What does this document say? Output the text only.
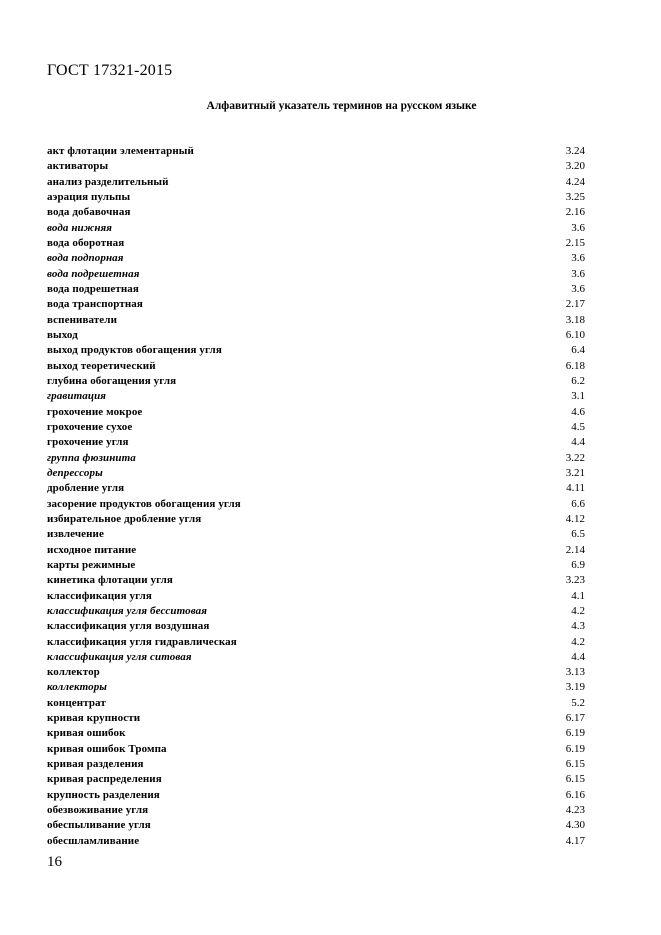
ГОСТ 17321-2015
Алфавитный указатель терминов на русском языке
акт флотации элементарный	3.24
активаторы	3.20
анализ разделительный	4.24
аэрация пульпы	3.25
вода добавочная	2.16
вода нижняя	3.6
вода оборотная	2.15
вода подпорная	3.6
вода подрешетная	3.6
вода подрешетная	3.6
вода транспортная	2.17
вспениватели	3.18
выход	6.10
выход продуктов обогащения угля	6.4
выход теоретический	6.18
глубина обогащения угля	6.2
гравитация	3.1
грохочение мокрое	4.6
грохочение сухое	4.5
грохочение угля	4.4
группа фюзинита	3.22
депрессоры	3.21
дробление угля	4.11
засорение продуктов обогащения угля	6.6
избирательное дробление угля	4.12
извлечение	6.5
исходное питание	2.14
карты режимные	6.9
кинетика флотации угля	3.23
классификация угля	4.1
классификация угля бесситовая	4.2
классификация угля воздушная	4.3
классификация угля гидравлическая	4.2
классификация угля ситовая	4.4
коллектор	3.13
коллекторы	3.19
концентрат	5.2
кривая крупности	6.17
кривая ошибок	6.19
кривая ошибок Тромпа	6.19
кривая разделения	6.15
кривая распределения	6.15
крупность разделения	6.16
обезвоживание угля	4.23
обеспыливание угля	4.30
обесшламливание	4.17
16
